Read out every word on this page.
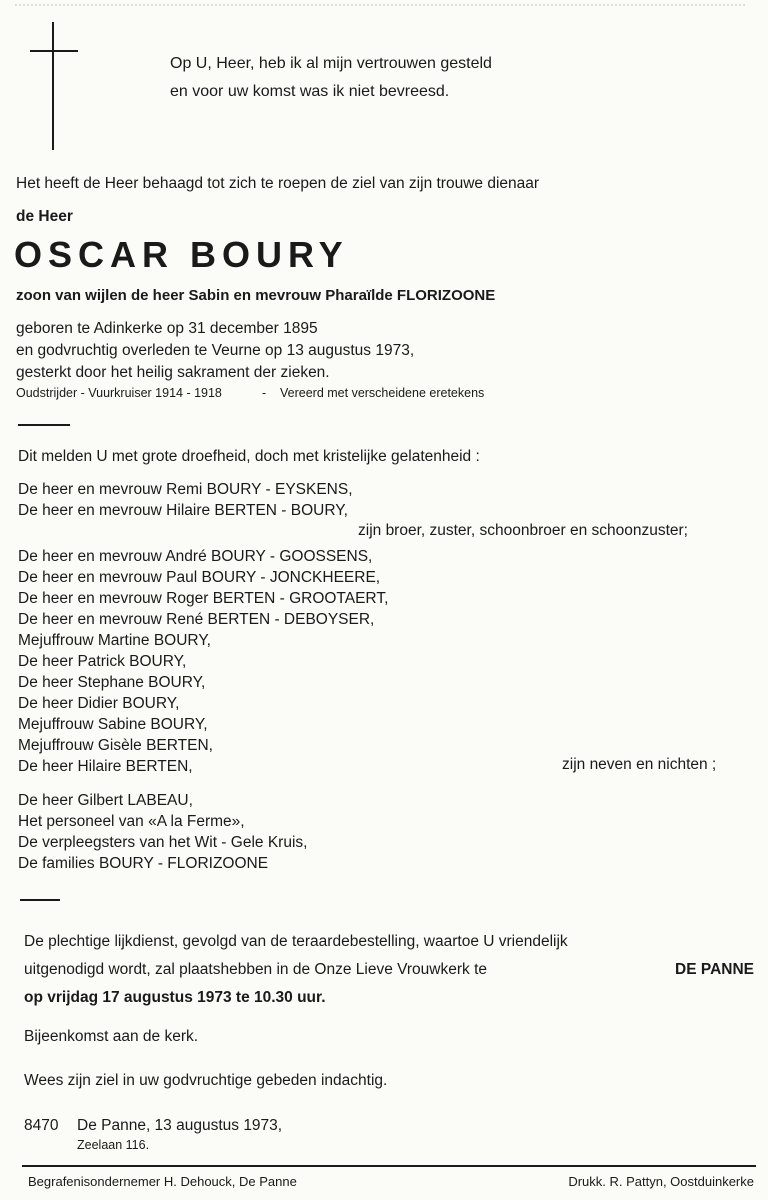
Op U, Heer, heb ik al mijn vertrouwen gesteld
en voor uw komst was ik niet bevreesd.
Het heeft de Heer behaagd tot zich te roepen de ziel van zijn trouwe dienaar
de Heer
OSCAR BOURY
zoon van wijlen de heer Sabin en mevrouw Pharaïlde FLORIZOONE
geboren te Adinkerke op 31 december 1895
en godvruchtig overleden te Veurne op 13 augustus 1973,
gesterkt door het heilig sakrament der zieken.
Oudstrijder - Vuurkruiser 1914 - 1918	- Vereerd met verscheidene eretekens
Dit melden U met grote droefheid, doch met kristelijke gelatenheid :
De heer en mevrouw Remi BOURY - EYSKENS,
De heer en mevrouw Hilaire BERTEN - BOURY,
zijn broer, zuster, schoonbroer en schoonzuster;
De heer en mevrouw André BOURY - GOOSSENS,
De heer en mevrouw Paul BOURY - JONCKHEERE,
De heer en mevrouw Roger BERTEN - GROOTAERT,
De heer en mevrouw René BERTEN - DEBOYSER,
Mejuffrouw Martine BOURY,
De heer Patrick BOURY,
De heer Stephane BOURY,
De heer Didier BOURY,
Mejuffrouw Sabine BOURY,
Mejuffrouw Gisèle BERTEN,
De heer Hilaire BERTEN,	zijn neven en nichten ;
De heer Gilbert LABEAU,
Het personeel van «A la Ferme»,
De verpleegsters van het Wit - Gele Kruis,
De families BOURY - FLORIZOONE
De plechtige lijkdienst, gevolgd van de teraardebestelling, waartoe U vriendelijk
uitgenodigd wordt, zal plaatshebben in de Onze Lieve Vrouwkerk te	DE PANNE
op vrijdag 17 augustus 1973 te 10.30 uur.
Bijeenkomst aan de kerk.
Wees zijn ziel in uw godvruchtige gebeden indachtig.
8470 De Panne, 13 augustus 1973,
Zeelaan 116.
Begrafenisondernemer H. Dehouck, De Panne	Drukk. R. Pattyn, Oostduinkerke
